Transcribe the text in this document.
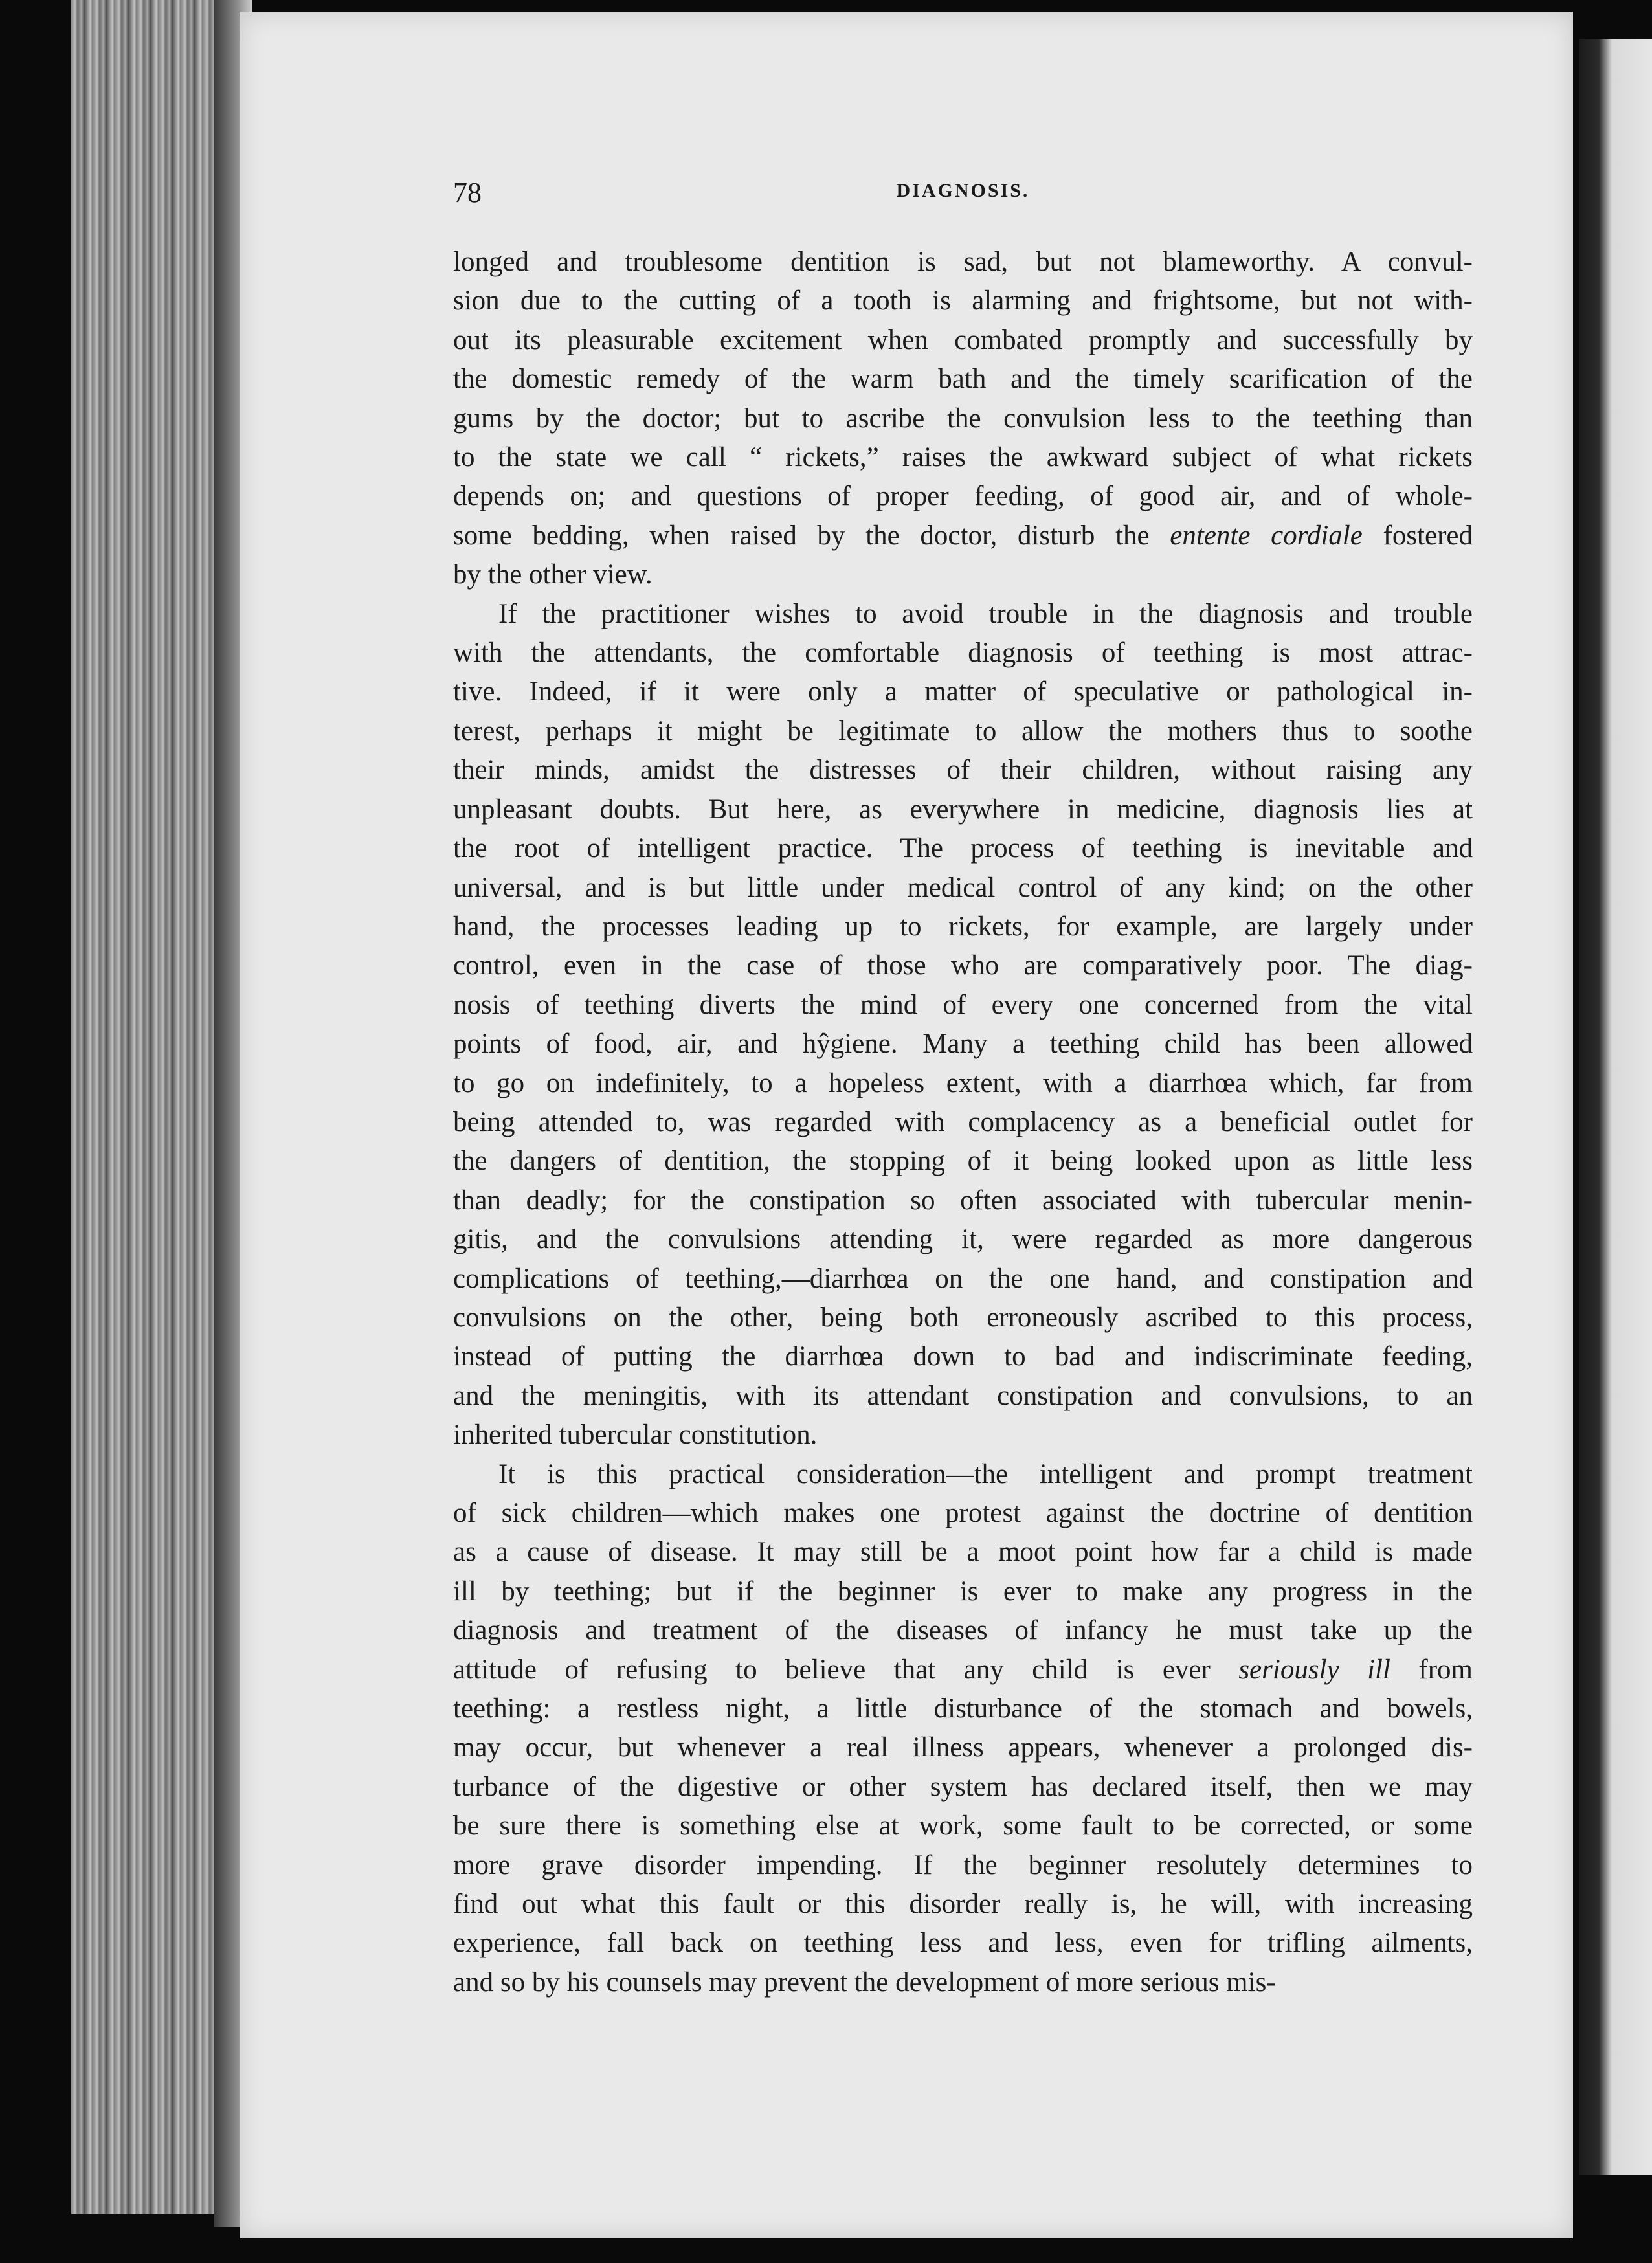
78	DIAGNOSIS.

longed and troublesome dentition is sad, but not blameworthy. A convul-
sion due to the cutting of a tooth is alarming and frightsome, but not with-
out its pleasurable excitement when combated promptly and successfully by
the domestic remedy of the warm bath and the timely scarification of the
gums by the doctor; but to ascribe the convulsion less to the teething than
to the state we call “ rickets,” raises the awkward subject of what rickets
depends on; and questions of proper feeding, of good air, and of whole-
some bedding, when raised by the doctor, disturb the entente cordiale fostered
by the other view.

If the practitioner wishes to avoid trouble in the diagnosis and trouble
with the attendants, the comfortable diagnosis of teething is most attrac-
tive. Indeed, if it were only a matter of speculative or pathological in-
terest, perhaps it might be legitimate to allow the mothers thus to soothe
their minds, amidst the distresses of their children, without raising any
unpleasant doubts. But here, as everywhere in medicine, diagnosis lies at
the root of intelligent practice. The process of teething is inevitable and
universal, and is but little under medical control of any kind; on the other
hand, the processes leading up to rickets, for example, are largely under
control, even in the case of those who are comparatively poor. The diag-
nosis of teething diverts the mind of every one concerned from the vital
points of food, air, and hŷgiene. Many a teething child has been allowed
to go on indefinitely, to a hopeless extent, with a diarrhœa which, far from
being attended to, was regarded with complacency as a beneficial outlet for
the dangers of dentition, the stopping of it being looked upon as little less
than deadly; for the constipation so often associated with tubercular menin-
gitis, and the convulsions attending it, were regarded as more dangerous
complications of teething,—diarrhœa on the one hand, and constipation and
convulsions on the other, being both erroneously ascribed to this process,
instead of putting the diarrhœa down to bad and indiscriminate feeding,
and the meningitis, with its attendant constipation and convulsions, to an
inherited tubercular constitution.

It is this practical consideration—the intelligent and prompt treatment
of sick children—which makes one protest against the doctrine of dentition
as a cause of disease. It may still be a moot point how far a child is made
ill by teething; but if the beginner is ever to make any progress in the
diagnosis and treatment of the diseases of infancy he must take up the
attitude of refusing to believe that any child is ever seriously ill from
teething: a restless night, a little disturbance of the stomach and bowels,
may occur, but whenever a real illness appears, whenever a prolonged dis-
turbance of the digestive or other system has declared itself, then we may
be sure there is something else at work, some fault to be corrected, or some
more grave disorder impending. If the beginner resolutely determines to
find out what this fault or this disorder really is, he will, with increasing
experience, fall back on teething less and less, even for trifling ailments,
and so by his counsels may prevent the development of more serious mis-
